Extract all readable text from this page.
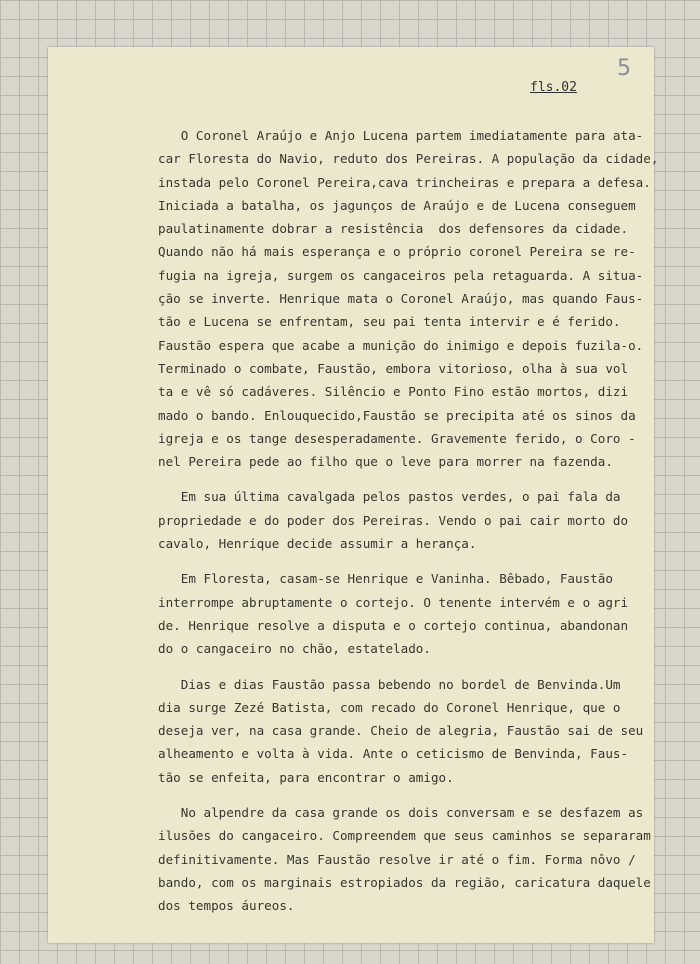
5
fls.02
O Coronel Araújo e Anjo Lucena partem imediatamente para ata-
car Floresta do Navio, reduto dos Pereiras. A população da cidade,
instada pelo Coronel Pereira,cava trincheiras e prepara a defesa.
Iniciada a batalha, os jagunços de Araújo e de Lucena conseguem
paulatinamente dobrar a resistência  dos defensores da cidade.
Quando não há mais esperança e o próprio coronel Pereira se re-
fugia na igreja, surgem os cangaceiros pela retaguarda. A situa-
ção se inverte. Henrique mata o Coronel Araújo, mas quando Faus-
tão e Lucena se enfrentam, seu pai tenta intervir e é ferido.
Faustão espera que acabe a munição do inimigo e depois fuzila-o.
Terminado o combate, Faustão, embora vitorioso, olha à sua vol
ta e vê só cadáveres. Silêncio e Ponto Fino estão mortos, dizi
mado o bando. Enlouquecido,Faustão se precipita até os sinos da
igreja e os tange desesperadamente. Gravemente ferido, o Coro -
nel Pereira pede ao filho que o leve para morrer na fazenda.
Em sua última cavalgada pelos pastos verdes, o pai fala da
propriedade e do poder dos Pereiras. Vendo o pai cair morto do
cavalo, Henrique decide assumir a herança.
Em Floresta, casam-se Henrique e Vaninha. Bêbado, Faustão
interrompe abruptamente o cortejo. O tenente intervém e o agri
de. Henrique resolve a disputa e o cortejo continua, abandonan
do o cangaceiro no chão, estatelado.
Dias e dias Faustão passa bebendo no bordel de Benvinda.Um
dia surge Zezé Batista, com recado do Coronel Henrique, que o
deseja ver, na casa grande. Cheio de alegria, Faustão sai de seu
alheamento e volta à vida. Ante o ceticismo de Benvinda, Faus-
tão se enfeita, para encontrar o amigo.
No alpendre da casa grande os dois conversam e se desfazem as
ilusões do cangaceiro. Compreendem que seus caminhos se separaram
definitivamente. Mas Faustão resolve ir até o fim. Forma nôvo /
bando, com os marginais estropiados da região, caricatura daquele
dos tempos áureos.
